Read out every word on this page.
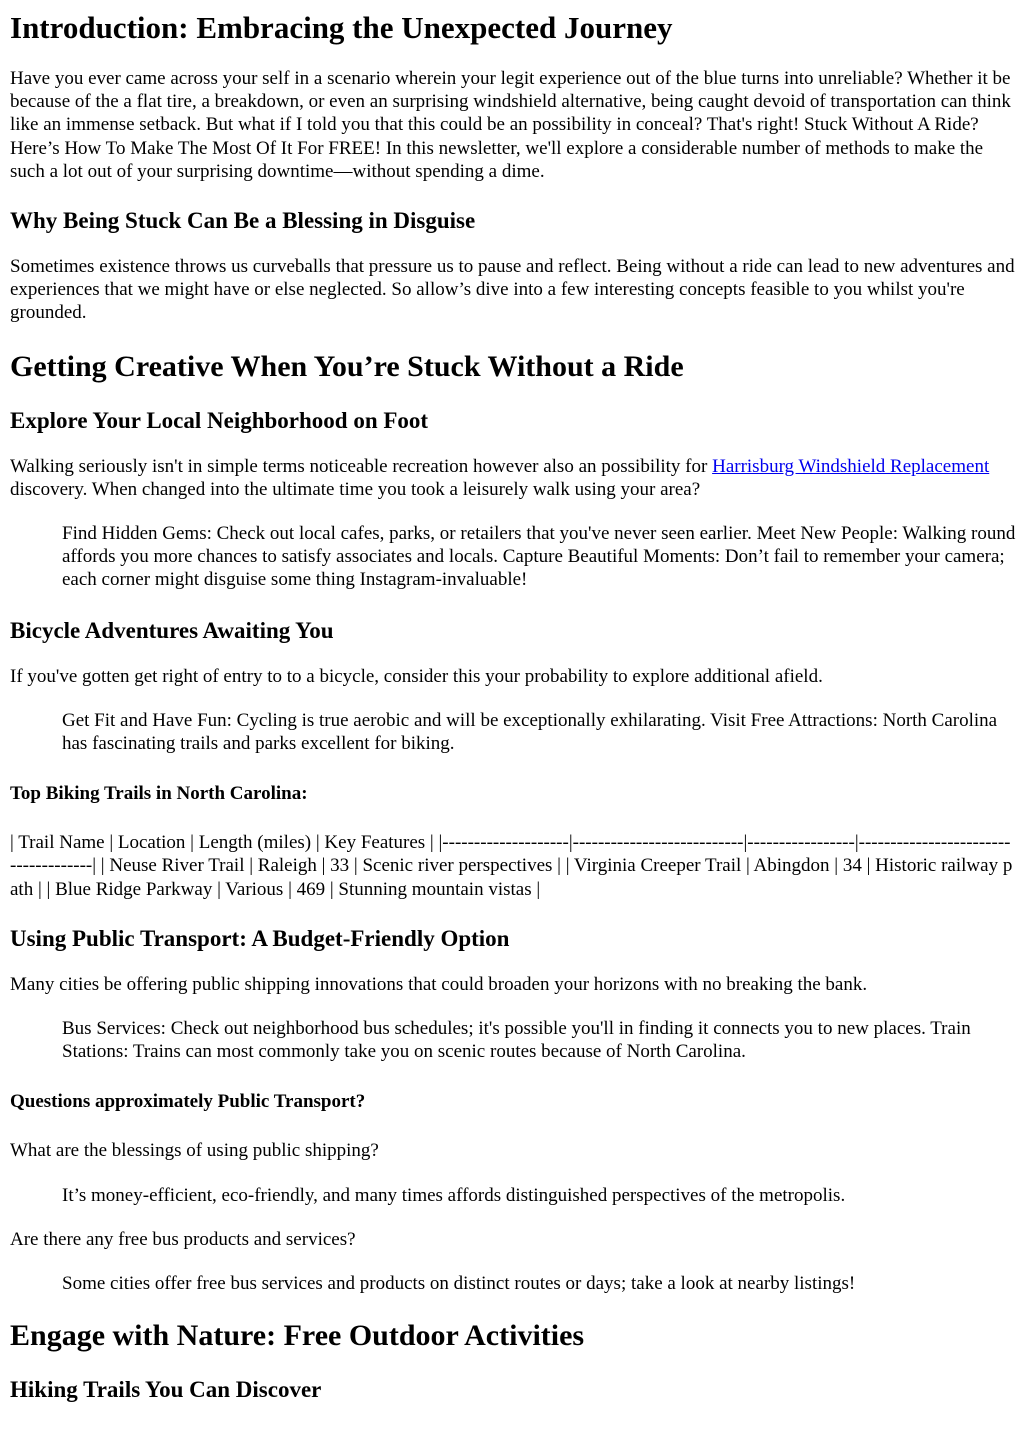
Introduction: Embracing the Unexpected Journey

Have you ever came across your self in a scenario wherein your legit experience out of the blue turns into unreliable? Whether it be because of the a flat tire, a breakdown, or even an surprising windshield alternative, being caught devoid of transportation can think like an immense setback. But what if I told you that this could be an possibility in conceal? That's right! Stuck Without A Ride? Here’s How To Make The Most Of It For FREE! In this newsletter, we'll explore a considerable number of methods to make the such a lot out of your surprising downtime—without spending a dime.

Why Being Stuck Can Be a Blessing in Disguise

Sometimes existence throws us curveballs that pressure us to pause and reflect. Being without a ride can lead to new adventures and experiences that we might have or else neglected. So allow’s dive into a few interesting concepts feasible to you whilst you're grounded.

Getting Creative When You’re Stuck Without a Ride
Explore Your Local Neighborhood on Foot

Walking seriously isn't in simple terms noticeable recreation however also an possibility for Harrisburg Windshield Replacement discovery. When changed into the ultimate time you took a leisurely walk using your area?

Find Hidden Gems: Check out local cafes, parks, or retailers that you've never seen earlier. Meet New People: Walking round affords you more chances to satisfy associates and locals. Capture Beautiful Moments: Don’t fail to remember your camera; each corner might disguise some thing Instagram-invaluable!
Bicycle Adventures Awaiting You

If you've gotten get right of entry to to a bicycle, consider this your probability to explore additional afield.

Get Fit and Have Fun: Cycling is true aerobic and will be exceptionally exhilarating. Visit Free Attractions: North Carolina has fascinating trails and parks excellent for biking.
Top Biking Trails in North Carolina:

| Trail Name | Location | Length (miles) | Key Features | |--------------------|---------------------------|-----------------|-------------------------------------| | Neuse River Trail | Raleigh | 33 | Scenic river perspectives | | Virginia Creeper Trail | Abingdon | 34 | Historic railway path | | Blue Ridge Parkway | Various | 469 | Stunning mountain vistas |

Using Public Transport: A Budget-Friendly Option

Many cities be offering public shipping innovations that could broaden your horizons with no breaking the bank.

Bus Services: Check out neighborhood bus schedules; it's possible you'll in finding it connects you to new places. Train Stations: Trains can most commonly take you on scenic routes because of North Carolina.
Questions approximately Public Transport?

What are the blessings of using public shipping?

It’s money-efficient, eco-friendly, and many times affords distinguished perspectives of the metropolis.

Are there any free bus products and services?

Some cities offer free bus services and products on distinct routes or days; take a look at nearby listings!
Engage with Nature: Free Outdoor Activities
Hiking Trails You Can Discover
